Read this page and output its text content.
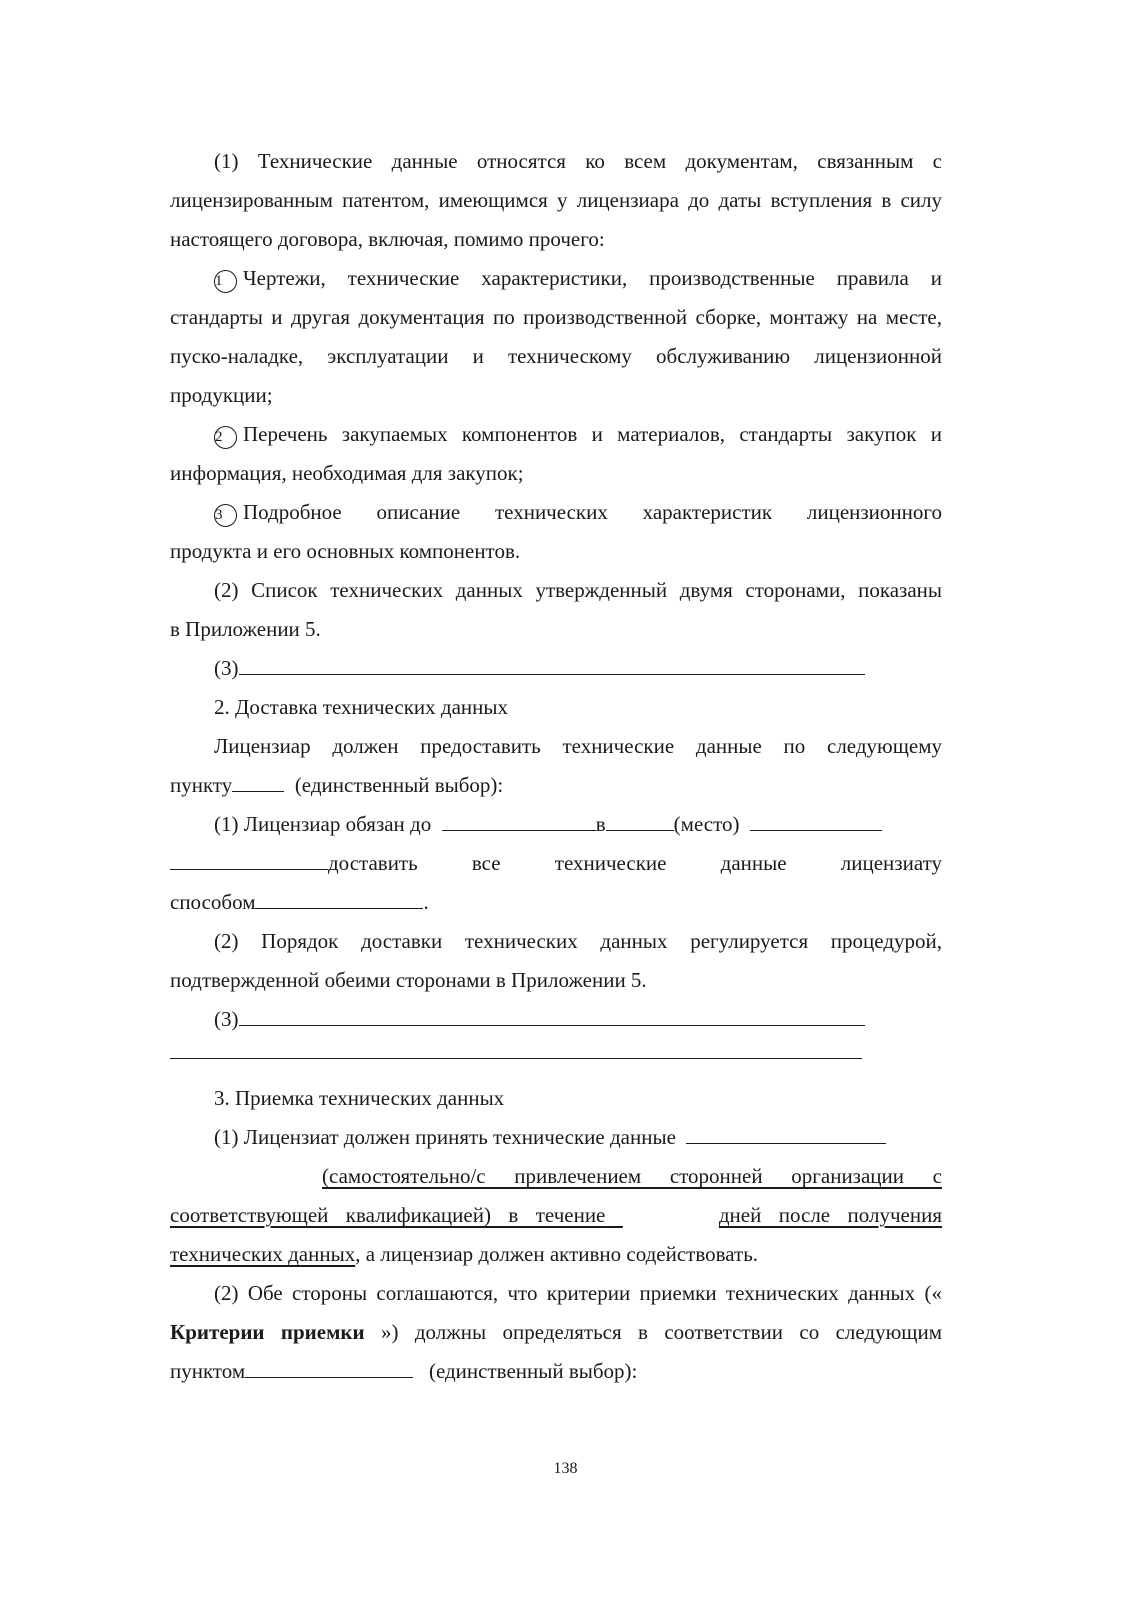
(1) Технические данные относятся ко всем документам, связанным с

лицензированным патентом, имеющимся у лицензиара до даты вступления в силу

настоящего договора, включая, помимо прочего:

1 Чертежи, технические характеристики, производственные правила и

стандарты и другая документация по производственной сборке, монтажу на месте,

пуско-наладке, эксплуатации и техническому обслуживанию лицензионной

продукции;

2 Перечень закупаемых компонентов и материалов, стандарты закупок и

информация, необходимая для закупок;

3 Подробное описание технических характеристик лицензионного

продукта и его основных компонентов.

(2) Список технических данных утвержденный двумя сторонами, показаны

в Приложении 5.

(3)

2. Доставка технических данных

Лицензиар должен предоставить технические данные по следующему

пункту	(единственный выбор):

(1) Лицензиар обязан до	в	(место)

доставить	все	технические	данные	лицензиату

способом	.

(2) Порядок доставки технических данных регулируется процедурой,

подтвержденной обеими сторонами в Приложении 5.

(3)

3. Приемка технических данных

(1) Лицензиат должен принять технические данные

(самостоятельно/с привлечением сторонней организации с

соответствующей квалификацией) в течение	дней после получения

технических данных, а лицензиар должен активно содействовать.

(2) Обе стороны соглашаются, что критерии приемки технических данных («

Критерии приемки ») должны определяться в соответствии со следующим

пунктом	(единственный выбор):

138
